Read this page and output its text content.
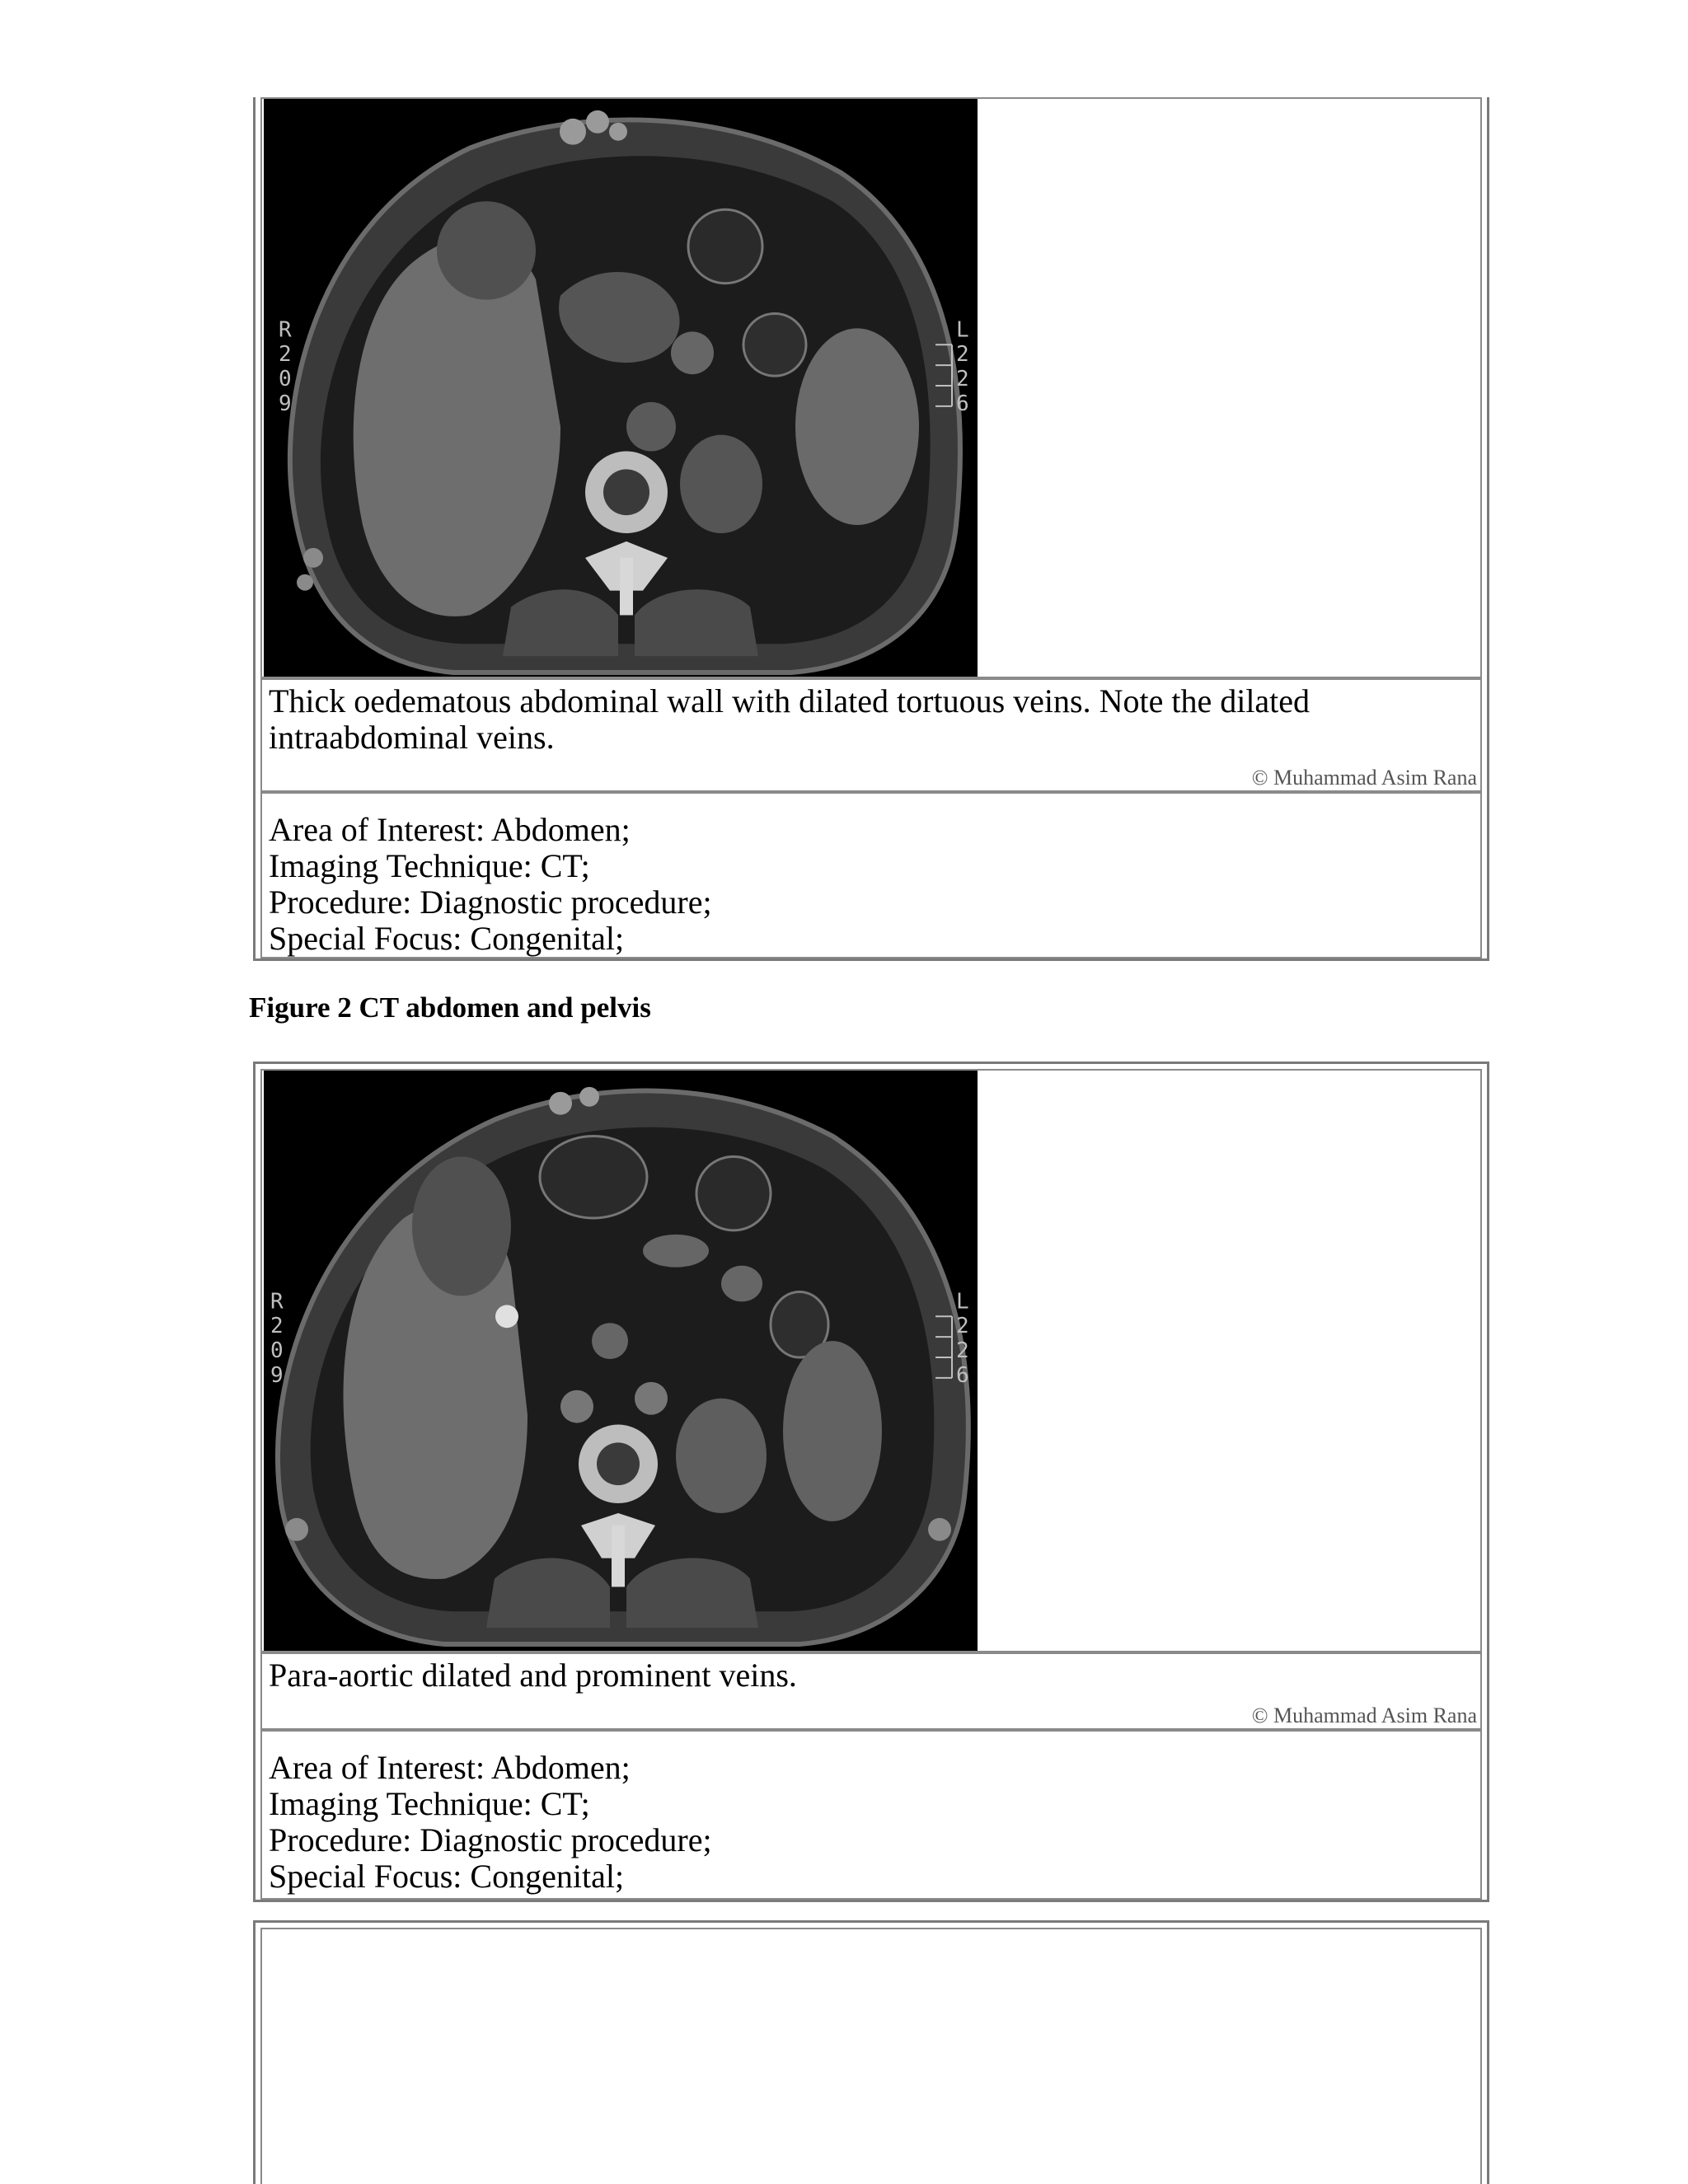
R
2
0
9
L
2
2
6
Thick oedematous abdominal wall with dilated tortuous veins. Note the dilated intraabdominal veins.
© Muhammad Asim Rana
Area of Interest: Abdomen;
Imaging Technique: CT;
Procedure: Diagnostic procedure;
Special Focus: Congenital;
Figure 2 CT abdomen and pelvis
R
2
0
9
L
2
2
6
Para-aortic dilated and prominent veins.
© Muhammad Asim Rana
Area of Interest: Abdomen;
Imaging Technique: CT;
Procedure: Diagnostic procedure;
Special Focus: Congenital;
